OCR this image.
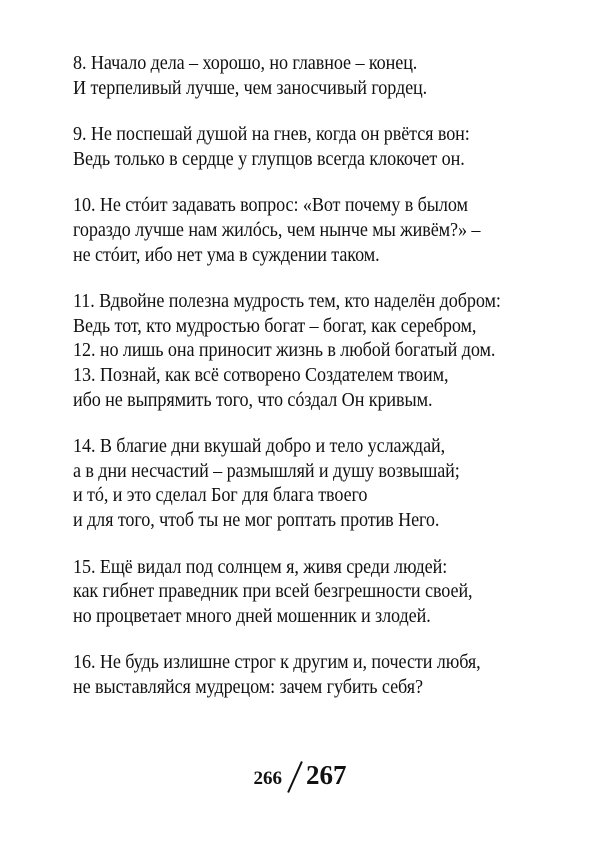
8. Начало дела – хорошо, но главное – конец.
И терпеливый лучше, чем заносчивый гордец.
9. Не поспешай душой на гнев, когда он рвётся вон:
Ведь только в сердце у глупцов всегда клокочет он.
10. Не стóит задавать вопрос: «Вот почему в былом
гораздо лучше нам жилóсь, чем нынче мы живём?» –
не стóит, ибо нет ума в суждении таком.
11. Вдвойне полезна мудрость тем, кто наделён добром:
Ведь тот, кто мудростью богат – богат, как серебром,
12. но лишь она приносит жизнь в любой богатый дом.
13. Познай, как всё сотворено Создателем твоим,
ибо не выпрямить того, что сóздал Он кривым.
14. В благие дни вкушай добро и тело услаждай,
а в дни несчастий – размышляй и душу возвышай;
и тó, и это сделал Бог для блага твоего
и для того, чтоб ты не мог роптать против Него.
15. Ещё видал под солнцем я, живя среди людей:
как гибнет праведник при всей безгрешности своей,
но процветает много дней мошенник и злодей.
16. Не будь излишне строг к другим и, почести любя,
не выставляйся мудрецом: зачем губить себя?
266 267
